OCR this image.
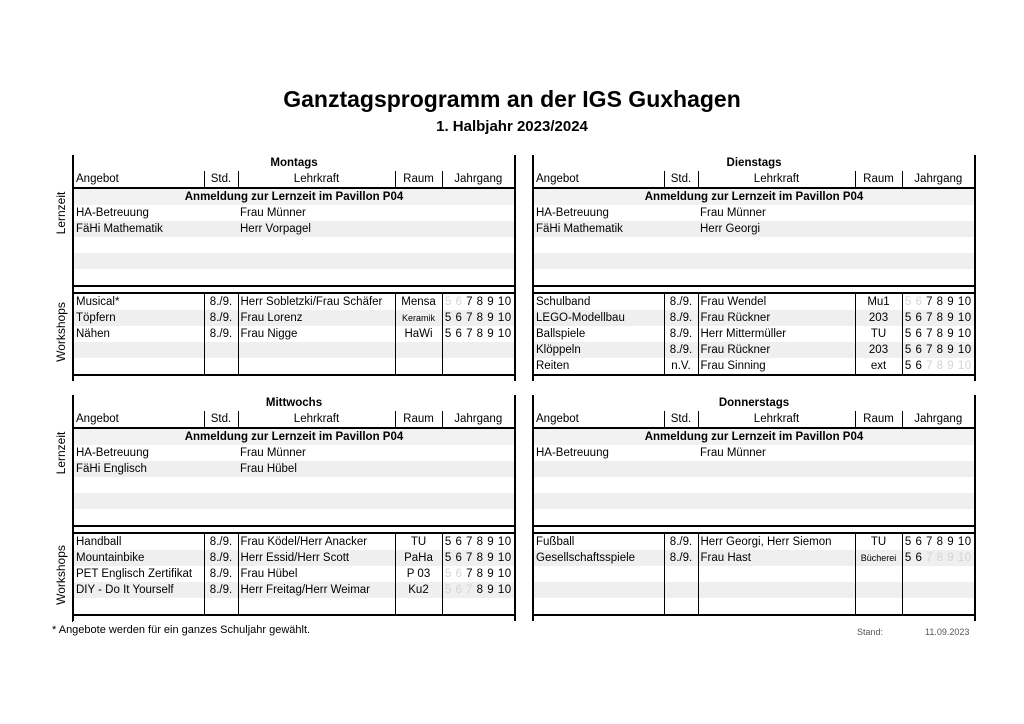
Ganztagsprogramm an der IGS Guxhagen
1. Halbjahr 2023/2024
Lernzeit
Workshops
Lernzeit
Workshops
Montags				
Angebot	Std.	Lehrkraft	Raum	Jahrgang
Anmeldung zur Lernzeit im Pavillon P04				
HA-Betreuung		Frau Münner		
FäHi Mathematik		Herr Vorpagel		

Musical*	8./9.	Herr Sobletzki/Frau Schäfer	Mensa	5 6 7 8 9 10
Töpfern	8./9.	Frau Lorenz	Keramik	5 6 7 8 9 10
Nähen	8./9.	Frau Nigge	HaWi	5 6 7 8 9 10

Dienstags				
Angebot	Std.	Lehrkraft	Raum	Jahrgang
Anmeldung zur Lernzeit im Pavillon P04				
HA-Betreuung		Frau Münner		
FäHi Mathematik		Herr Georgi		

Schulband	8./9.	Frau Wendel	Mu1	5 6 7 8 9 10
LEGO-Modellbau	8./9.	Frau Rückner	203	5 6 7 8 9 10
Ballspiele	8./9.	Herr Mittermüller	TU	5 6 7 8 9 10
Klöppeln	8./9.	Frau Rückner	203	5 6 7 8 9 10
Reiten	n.V.	Frau Sinning	ext	5 6 7 8 9 10
Mittwochs				
Angebot	Std.	Lehrkraft	Raum	Jahrgang
Anmeldung zur Lernzeit im Pavillon P04				
HA-Betreuung		Frau Münner		
FäHi Englisch		Frau Hübel		

Handball	8./9.	Frau Ködel/Herr Anacker	TU	5 6 7 8 9 10
Mountainbike	8./9.	Herr Essid/Herr Scott	PaHa	5 6 7 8 9 10
PET Englisch Zertifikat	8./9.	Frau Hübel	P 03	5 6 7 8 9 10
DIY - Do It Yourself	8./9.	Herr Freitag/Herr Weimar	Ku2	5 6 7 8 9 10

Donnerstags				
Angebot	Std.	Lehrkraft	Raum	Jahrgang
Anmeldung zur Lernzeit im Pavillon P04				
HA-Betreuung		Frau Münner		

Fußball	8./9.	Herr Georgi, Herr Siemon	TU	5 6 7 8 9 10
Gesellschaftsspiele	8./9.	Frau Hast	Bücherei	5 6 7 8 9 10

* Angebote werden für ein ganzes Schuljahr gewählt.	Stand:	11.09.2023
